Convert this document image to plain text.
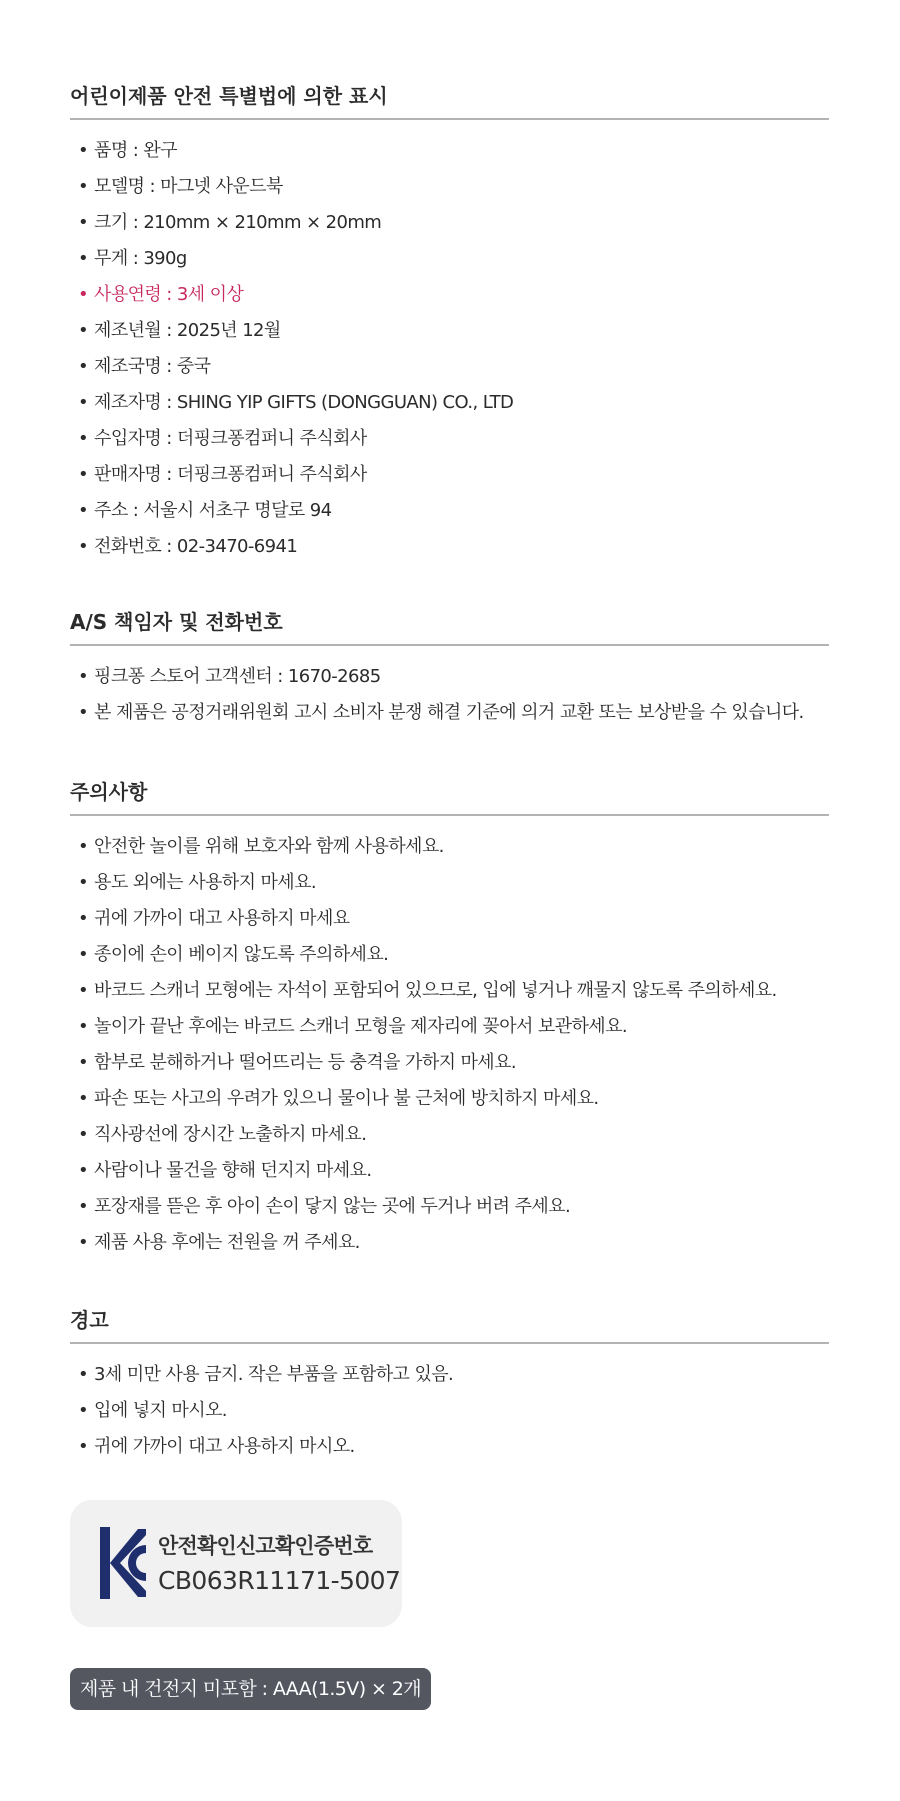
어린이제품 안전 특별법에 의한 표시
• 품명 : 완구
• 모델명 : 마그넷 사운드북
• 크기 : 210mm × 210mm × 20mm
• 무게 : 390g
• 사용연령 : 3세 이상
• 제조년월 : 2025년 12월
• 제조국명 : 중국
• 제조자명 : SHING YIP GIFTS (DONGGUAN) CO., LTD
• 수입자명 : 더핑크퐁컴퍼니 주식회사
• 판매자명 : 더핑크퐁컴퍼니 주식회사
• 주소 : 서울시 서초구 명달로 94
• 전화번호 : 02-3470-6941
A/S 책임자 및 전화번호
• 핑크퐁 스토어 고객센터 : 1670-2685
• 본 제품은 공정거래위원회 고시 소비자 분쟁 해결 기준에 의거 교환 또는 보상받을 수 있습니다.
주의사항
• 안전한 놀이를 위해 보호자와 함께 사용하세요.
• 용도 외에는 사용하지 마세요.
• 귀에 가까이 대고 사용하지 마세요
• 종이에 손이 베이지 않도록 주의하세요.
• 바코드 스캐너 모형에는 자석이 포함되어 있으므로, 입에 넣거나 깨물지 않도록 주의하세요.
• 놀이가 끝난 후에는 바코드 스캐너 모형을 제자리에 꽂아서 보관하세요.
• 함부로 분해하거나 떨어뜨리는 등 충격을 가하지 마세요.
• 파손 또는 사고의 우려가 있으니 물이나 불 근처에 방치하지 마세요.
• 직사광선에 장시간 노출하지 마세요.
• 사람이나 물건을 향해 던지지 마세요.
• 포장재를 뜯은 후 아이 손이 닿지 않는 곳에 두거나 버려 주세요.
• 제품 사용 후에는 전원을 꺼 주세요.
경고
• 3세 미만 사용 금지. 작은 부품을 포함하고 있음.
• 입에 넣지 마시오.
• 귀에 가까이 대고 사용하지 마시오.
안전확인신고확인증번호
CB063R11171-5007
제품 내 건전지 미포함 : AAA(1.5V) × 2개
